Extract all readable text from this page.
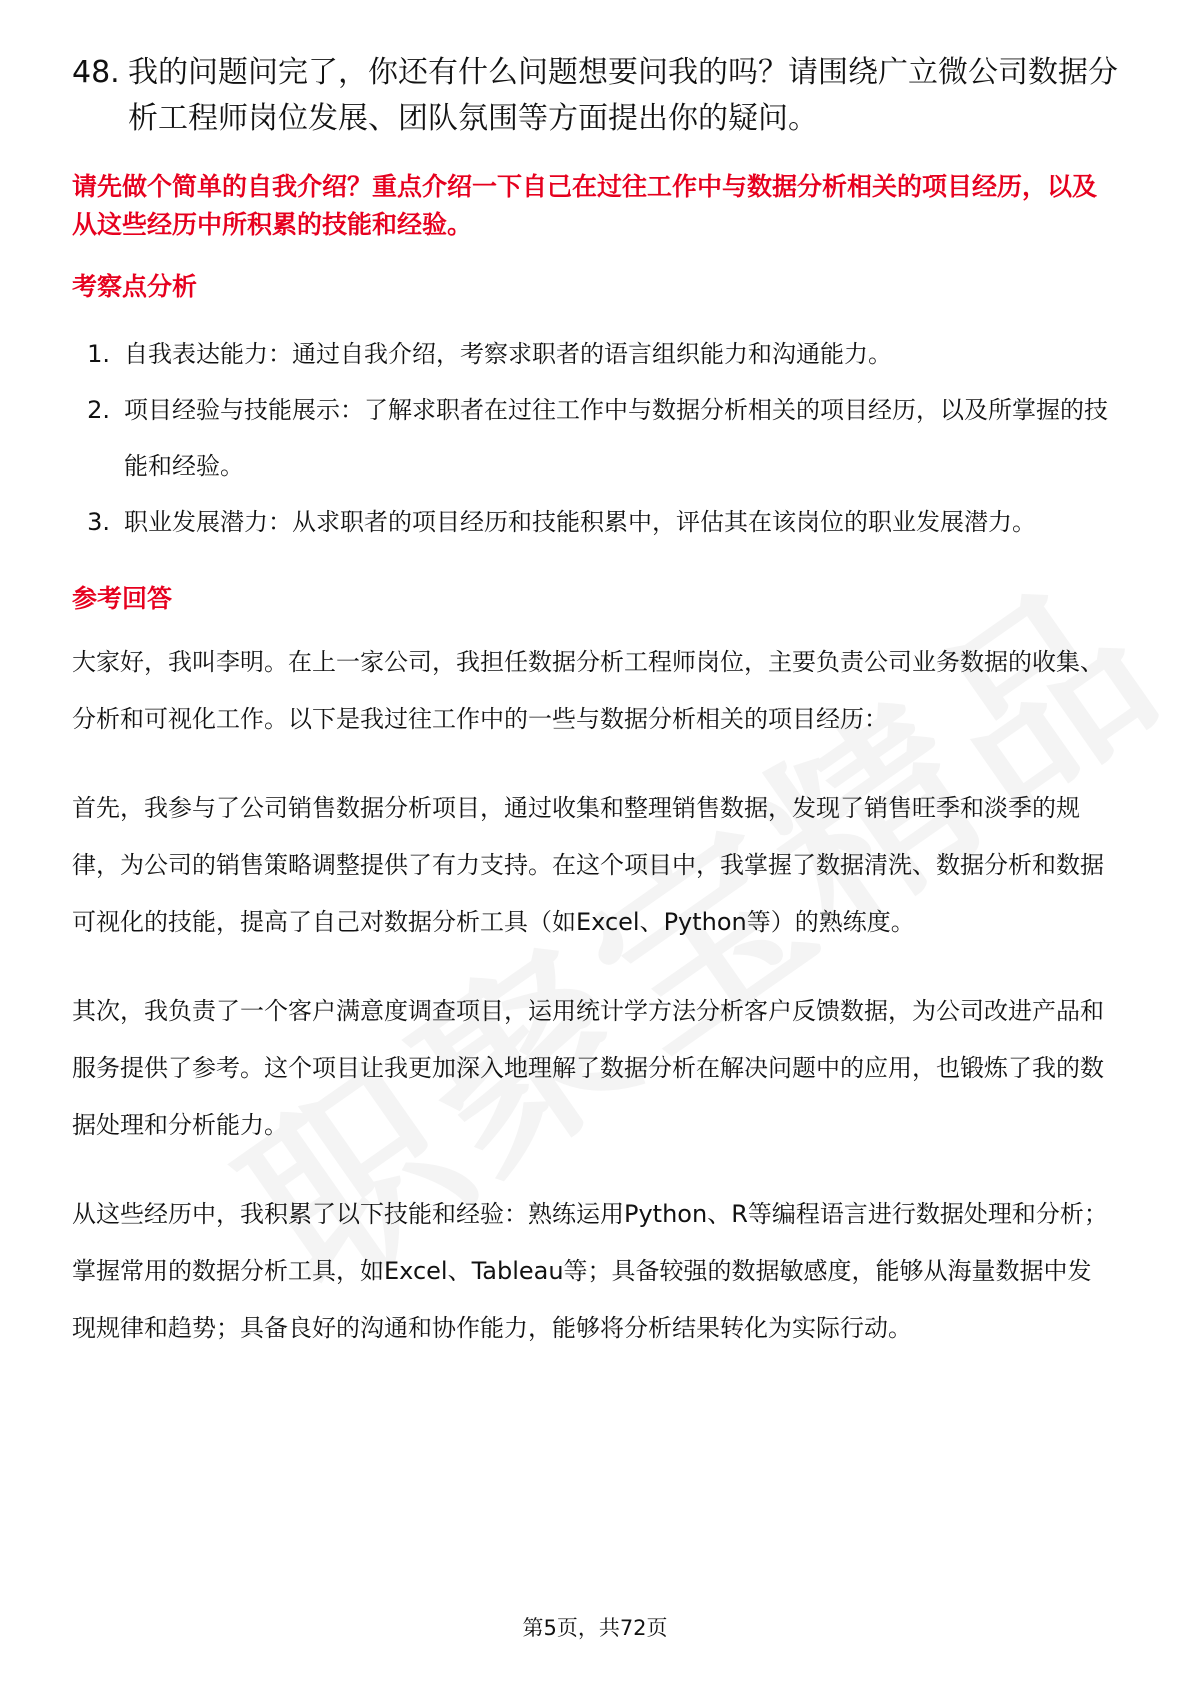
48. 我的问题问完了，你还有什么问题想要问我的吗？请围绕广立微公司数据分析工程师岗位发展、团队氛围等方面提出你的疑问。

请先做个简单的自我介绍？重点介绍一下自己在过往工作中与数据分析相关的项目经历，以及从这些经历中所积累的技能和经验。

考察点分析
1. 自我表达能力：通过自我介绍，考察求职者的语言组织能力和沟通能力。
2. 项目经验与技能展示：了解求职者在过往工作中与数据分析相关的项目经历，以及所掌握的技能和经验。
3. 职业发展潜力：从求职者的项目经历和技能积累中，评估其在该岗位的职业发展潜力。
参考回答

大家好，我叫李明。在上一家公司，我担任数据分析工程师岗位，主要负责公司业务数据的收集、分析和可视化工作。以下是我过往工作中的一些与数据分析相关的项目经历：

首先，我参与了公司销售数据分析项目，通过收集和整理销售数据，发现了销售旺季和淡季的规律，为公司的销售策略调整提供了有力支持。在这个项目中，我掌握了数据清洗、数据分析和数据可视化的技能，提高了自己对数据分析工具（如Excel、Python等）的熟练度。

其次，我负责了一个客户满意度调查项目，运用统计学方法分析客户反馈数据，为公司改进产品和服务提供了参考。这个项目让我更加深入地理解了数据分析在解决问题中的应用，也锻炼了我的数据处理和分析能力。

从这些经历中，我积累了以下技能和经验：熟练运用Python、R等编程语言进行数据处理和分析；掌握常用的数据分析工具，如Excel、Tableau等；具备较强的数据敏感度，能够从海量数据中发现规律和趋势；具备良好的沟通和协作能力，能够将分析结果转化为实际行动。

第5页，共72页
